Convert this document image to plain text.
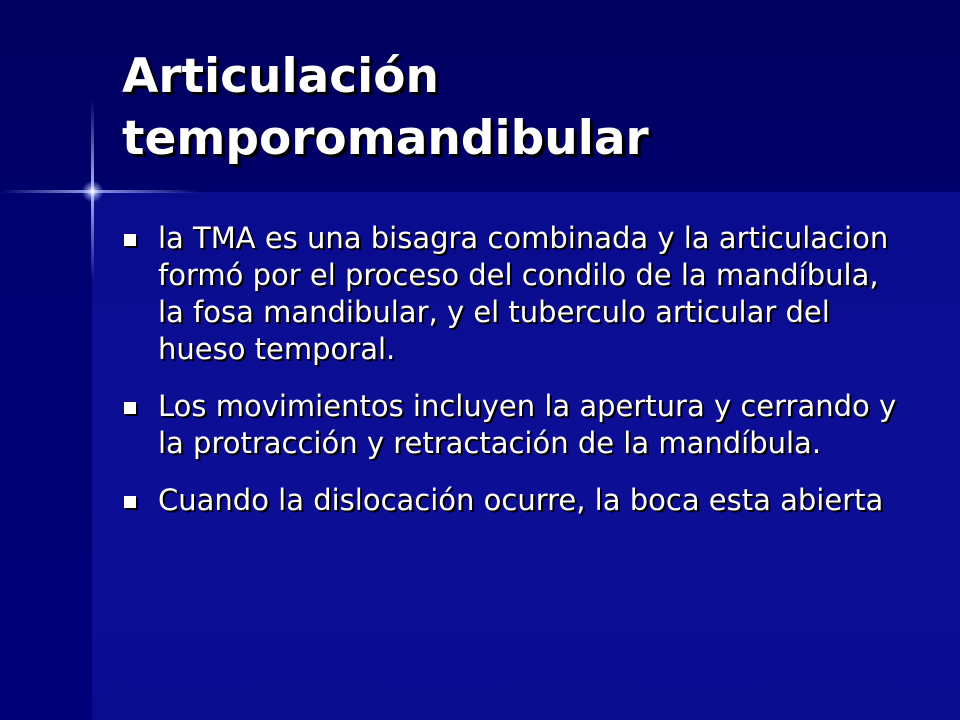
Articulación
temporomandibular
la TMA es una bisagra combinada y la articulacion formó por el proceso del condilo de la mandíbula, la fosa mandibular, y el tuberculo articular del hueso temporal.
Los movimientos incluyen la apertura y cerrando y la protracción y retractación de la mandíbula.
Cuando la dislocación ocurre, la boca esta abierta
